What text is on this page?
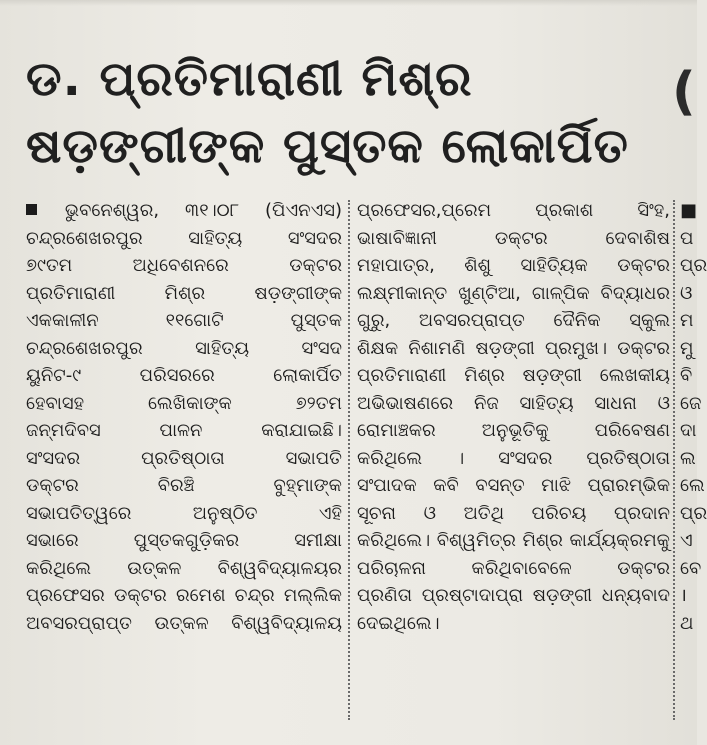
ଡ. ପ୍ରତିମାରାଣୀ ମିଶ୍ର
ଷଡ଼ଙ୍ଗୀଙ୍କ ପୁସ୍ତକ ଲୋକାର୍ପିତ
(
ଭୁବନେଶ୍ୱର, ୩୧।୦୮ (ପିଏନଏସ)
ଚନ୍ଦ୍ରଶେଖରପୁର ସାହିତ୍ୟ ସଂସଦର
୭୯ତମ ଅଧିବେଶନରେ ଡକ୍ଟର
ପ୍ରତିମାରାଣୀ ମିଶ୍ର ଷଡ଼ଙ୍ଗୀଙ୍କ
ଏକକାଳୀନ ୧୧ଗୋଟି ପୁସ୍ତକ
ଚନ୍ଦ୍ରଶେଖରପୁର ସାହିତ୍ୟ ସଂସଦ
ୟୁନିଟ-୯ ପରିସରରେ ଲୋକାର୍ପିତ
ହେବାସହ ଲେଖିକାଙ୍କ ୭୨ତମ
ଜନ୍ମଦିବସ ପାଳନ କରାଯାଇଛି।
ସଂସଦର ପ୍ରତିଷ୍ଠାତା ସଭାପତି
ଡକ୍ଟର ବିରଞ୍ଚି ବୁହ୍ମାଙ୍କ
ସଭାପତିତ୍ୱରେ ଅନୁଷ୍ଠିତ ଏହି
ସଭାରେ ପୁସ୍ତକଗୁଡ଼ିକର ସମୀକ୍ଷା
କରିଥିଲେ ଉତ୍କଳ ବିଶ୍ୱବିଦ୍ୟାଳୟର
ପ୍ରଫେସର ଡକ୍ଟର ରମେଶ ଚନ୍ଦ୍ର ମଲ୍ଲିକ
ଅବସରପ୍ରାପ୍ତ ଉତ୍କଳ ବିଶ୍ୱବିଦ୍ୟାଳୟ
ପ୍ରଫେସର,ପ୍ରେମ ପ୍ରକାଶ ସିଂହ,
ଭାଷାବିଜ୍ଞାନୀ ଡକ୍ଟର ଦେବାଶିଷ
ମହାପାତ୍ର, ଶିଶୁ ସାହିତ୍ୟିକ ଡକ୍ଟର
ଲକ୍ଷ୍ମୀକାନ୍ତ ଖୁଣ୍ଟିଆ, ଗାଳ୍ପିକ ବିଦ୍ୟାଧର
ଗୁରୁ, ଅବସରପ୍ରାପ୍ତ ଦୈନିକ ସ୍କୁଲ
ଶିକ୍ଷକ ନିଶାମଣି ଷଡ଼ଙ୍ଗୀ ପ୍ରମୁଖ। ଡକ୍ଟର
ପ୍ରତିମାରାଣୀ ମିଶ୍ର ଷଡ଼ଙ୍ଗୀ ଲେଖକୀୟ
ଅଭିଭାଷଣରେ ନିଜ ସାହିତ୍ୟ ସାଧନା ଓ
ରୋମାଞ୍ଚକର ଅନୁଭୂତିକୁ ପରିବେଷଣ
କରିଥିଲେ । ସଂସଦର ପ୍ରତିଷ୍ଠାତା
ସଂପାଦକ କବି ବସନ୍ତ ମାଝି ପ୍ରାରମ୍ଭିକ
ସୂଚନା ଓ ଅତିଥି ପରିଚୟ ପ୍ରଦାନ
କରିଥିଲେ। ବିଶ୍ୱମିତ୍ର ମିଶ୍ର କାର୍ଯ୍ୟକ୍ରମକୁ
ପରିଚାଳନା କରିଥିବାବେଳେ ଡକ୍ଟର
ପ୍ରଣିତା ପ୍ରଷ୍ଟାଦାପ୍ରା ଷଡ଼ଙ୍ଗୀ ଧନ୍ୟବାଦ
ଦେଇଥିଲେ।
■
ପ
ପ୍ର
ଓ
ମ
ମୁ
ବି
ଜେ
ଦା
ଲ
ଲେ
ପ୍ର
ଏ
ବେ
।
ଥ
